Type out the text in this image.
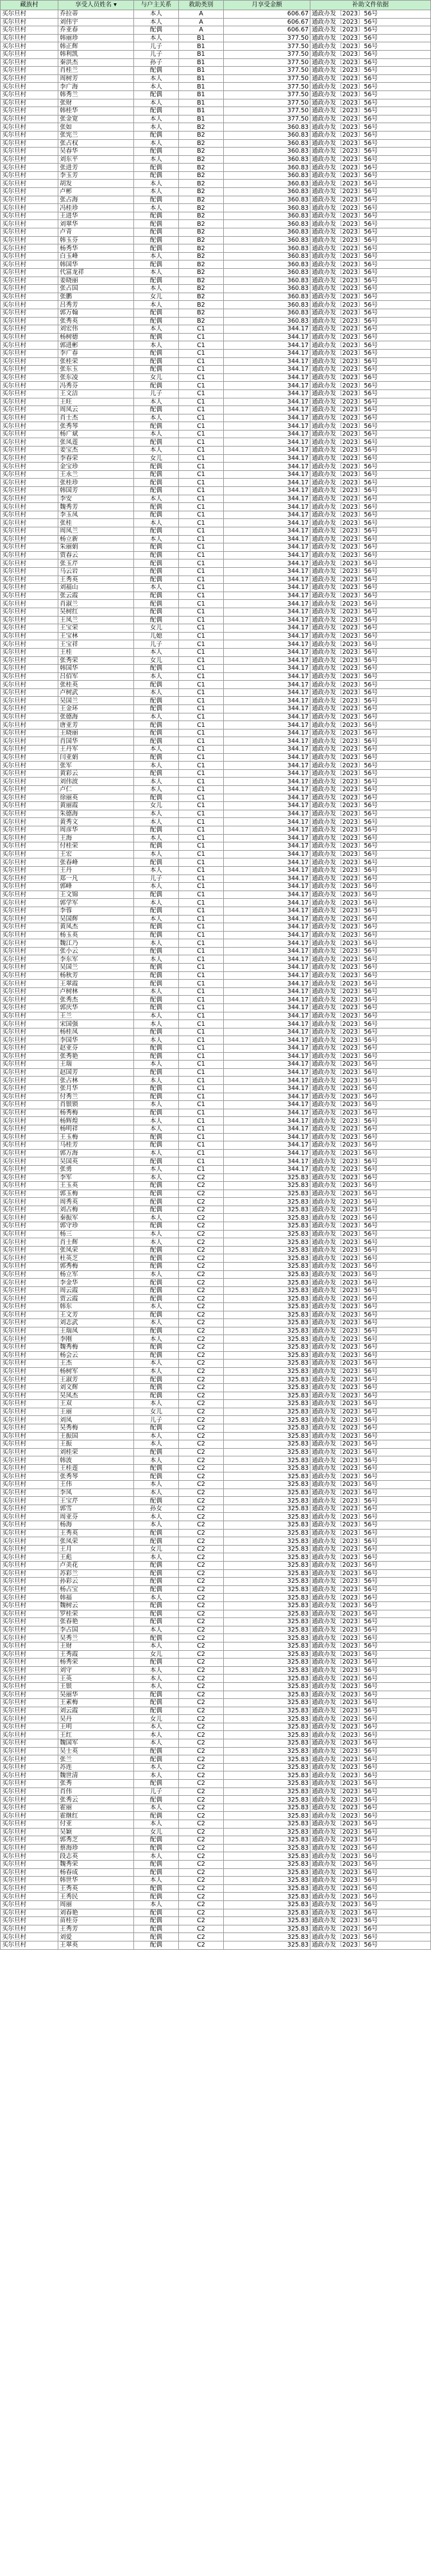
藏族村	享受人员姓名 ▾	与户主关系	救助类别	月享受金额	补助文件依据
买尔旦村	乔拉蒂	本人	A	606.67	通政办发〔2023〕56号
买尔旦村	刘伟宇	本人	A	606.67	通政办发〔2023〕56号
买尔旦村	乔亚春	配偶	A	606.67	通政办发〔2023〕56号
买尔旦村	韩丽珍	本人	B1	377.50	通政办发〔2023〕56号
买尔旦村	韩正辉	儿子	B1	377.50	通政办发〔2023〕56号
买尔旦村	韩利凯	儿子	B1	377.50	通政办发〔2023〕56号
买尔旦村	秦洪杰	孙子	B1	377.50	通政办发〔2023〕56号
买尔旦村	肖桂兰	配偶	B1	377.50	通政办发〔2023〕56号
买尔旦村	周树芳	本人	B1	377.50	通政办发〔2023〕56号
买尔旦村	李广海	本人	B1	377.50	通政办发〔2023〕56号
买尔旦村	韩秀兰	配偶	B1	377.50	通政办发〔2023〕56号
买尔旦村	张财	本人	B1	377.50	通政办发〔2023〕56号
买尔旦村	韩桂华	配偶	B1	377.50	通政办发〔2023〕56号
买尔旦村	张金宽	本人	B1	377.50	通政办发〔2023〕56号
买尔旦村	张如	本人	B2	360.83	通政办发〔2023〕56号
买尔旦村	张宪兰	配偶	B2	360.83	通政办发〔2023〕56号
买尔旦村	张占权	本人	B2	360.83	通政办发〔2023〕56号
买尔旦村	吴春华	配偶	B2	360.83	通政办发〔2023〕56号
买尔旦村	刘东平	本人	B2	360.83	通政办发〔2023〕56号
买尔旦村	张进芳	配偶	B2	360.83	通政办发〔2023〕56号
买尔旦村	李玉芳	配偶	B2	360.83	通政办发〔2023〕56号
买尔旦村	胡发	本人	B2	360.83	通政办发〔2023〕56号
买尔旦村	卢彬	本人	B2	360.83	通政办发〔2023〕56号
买尔旦村	张占海	配偶	B2	360.83	通政办发〔2023〕56号
买尔旦村	冯桂珍	本人	B2	360.83	通政办发〔2023〕56号
买尔旦村	王进华	配偶	B2	360.83	通政办发〔2023〕56号
买尔旦村	刘翠华	配偶	B2	360.83	通政办发〔2023〕56号
买尔旦村	卢青	配偶	B2	360.83	通政办发〔2023〕56号
买尔旦村	韩玉芬	配偶	B2	360.83	通政办发〔2023〕56号
买尔旦村	杨秀华	配偶	B2	360.83	通政办发〔2023〕56号
买尔旦村	白玉峰	本人	B2	360.83	通政办发〔2023〕56号
买尔旦村	韩国华	配偶	B2	360.83	通政办发〔2023〕56号
买尔旦村	代富龙祥	本人	B2	360.83	通政办发〔2023〕56号
买尔旦村	姜晓丽	配偶	B2	360.83	通政办发〔2023〕56号
买尔旦村	张占国	本人	B2	360.83	通政办发〔2023〕56号
买尔旦村	张鹏	女儿	B2	360.83	通政办发〔2023〕56号
买尔旦村	吕秀芳	本人	B2	360.83	通政办发〔2023〕56号
买尔旦村	郭万翰	配偶	B2	360.83	通政办发〔2023〕56号
买尔旦村	张秀英	配偶	B2	360.83	通政办发〔2023〕56号
买尔旦村	刘宏伟	本人	C1	344.17	通政办发〔2023〕56号
买尔旦村	杨树德	配偶	C1	344.17	通政办发〔2023〕56号
买尔旦村	郭进彬	本人	C1	344.17	通政办发〔2023〕56号
买尔旦村	李广春	配偶	C1	344.17	通政办发〔2023〕56号
买尔旦村	张桂荣	配偶	C1	344.17	通政办发〔2023〕56号
买尔旦村	张东玉	配偶	C1	344.17	通政办发〔2023〕56号
买尔旦村	张东凌	女儿	C1	344.17	通政办发〔2023〕56号
买尔旦村	冯秀芬	配偶	C1	344.17	通政办发〔2023〕56号
买尔旦村	王文洁	儿子	C1	344.17	通政办发〔2023〕56号
买尔旦村	王旺	本人	C1	344.17	通政办发〔2023〕56号
买尔旦村	周凤云	配偶	C1	344.17	通政办发〔2023〕56号
买尔旦村	肖士杰	本人	C1	344.17	通政办发〔2023〕56号
买尔旦村	张秀琴	配偶	C1	344.17	通政办发〔2023〕56号
买尔旦村	杨广斌	本人	C1	344.17	通政办发〔2023〕56号
买尔旦村	张凤莲	配偶	C1	344.17	通政办发〔2023〕56号
买尔旦村	姜宝杰	本人	C1	344.17	通政办发〔2023〕56号
买尔旦村	李春荣	女儿	C1	344.17	通政办发〔2023〕56号
买尔旦村	金宝珍	配偶	C1	344.17	通政办发〔2023〕56号
买尔旦村	王永兰	配偶	C1	344.17	通政办发〔2023〕56号
买尔旦村	张桂珍	配偶	C1	344.17	通政办发〔2023〕56号
买尔旦村	韩国芳	配偶	C1	344.17	通政办发〔2023〕56号
买尔旦村	李安	本人	C1	344.17	通政办发〔2023〕56号
买尔旦村	魏秀芳	配偶	C1	344.17	通政办发〔2023〕56号
买尔旦村	李玉凤	配偶	C1	344.17	通政办发〔2023〕56号
买尔旦村	张桂	本人	C1	344.17	通政办发〔2023〕56号
买尔旦村	周凤兰	配偶	C1	344.17	通政办发〔2023〕56号
买尔旦村	杨立新	本人	C1	344.17	通政办发〔2023〕56号
买尔旦村	朱丽娟	配偶	C1	344.17	通政办发〔2023〕56号
买尔旦村	贾春云	配偶	C1	344.17	通政办发〔2023〕56号
买尔旦村	张玉芹	配偶	C1	344.17	通政办发〔2023〕56号
买尔旦村	马云岩	配偶	C1	344.17	通政办发〔2023〕56号
买尔旦村	王秀英	配偶	C1	344.17	通政办发〔2023〕56号
买尔旦村	刘福山	本人	C1	344.17	通政办发〔2023〕56号
买尔旦村	张云霞	配偶	C1	344.17	通政办发〔2023〕56号
买尔旦村	肖淑兰	配偶	C1	344.17	通政办发〔2023〕56号
买尔旦村	吴树红	配偶	C1	344.17	通政办发〔2023〕56号
买尔旦村	王凤兰	配偶	C1	344.17	通政办发〔2023〕56号
买尔旦村	王宝荣	女儿	C1	344.17	通政办发〔2023〕56号
买尔旦村	王宝林	儿媳	C1	344.17	通政办发〔2023〕56号
买尔旦村	王宝祥	儿子	C1	344.17	通政办发〔2023〕56号
买尔旦村	王桂	本人	C1	344.17	通政办发〔2023〕56号
买尔旦村	张秀荣	女儿	C1	344.17	通政办发〔2023〕56号
买尔旦村	韩国华	配偶	C1	344.17	通政办发〔2023〕56号
买尔旦村	吕佰军	本人	C1	344.17	通政办发〔2023〕56号
买尔旦村	张桂英	配偶	C1	344.17	通政办发〔2023〕56号
买尔旦村	卢树武	本人	C1	344.17	通政办发〔2023〕56号
买尔旦村	吴国兰	配偶	C1	344.17	通政办发〔2023〕56号
买尔旦村	王金环	配偶	C1	344.17	通政办发〔2023〕56号
买尔旦村	张德海	本人	C1	344.17	通政办发〔2023〕56号
买尔旦村	唐亚芳	配偶	C1	344.17	通政办发〔2023〕56号
买尔旦村	王晓丽	配偶	C1	344.17	通政办发〔2023〕56号
买尔旦村	肖国华	配偶	C1	344.17	通政办发〔2023〕56号
买尔旦村	王丹军	本人	C1	344.17	通政办发〔2023〕56号
买尔旦村	闫亚娟	配偶	C1	344.17	通政办发〔2023〕56号
买尔旦村	张军	本人	C1	344.17	通政办发〔2023〕56号
买尔旦村	黄彩云	配偶	C1	344.17	通政办发〔2023〕56号
买尔旦村	刘伟波	本人	C1	344.17	通政办发〔2023〕56号
买尔旦村	卢仁	本人	C1	344.17	通政办发〔2023〕56号
买尔旦村	徐丽英	配偶	C1	344.17	通政办发〔2023〕56号
买尔旦村	黄丽霞	女儿	C1	344.17	通政办发〔2023〕56号
买尔旦村	朱德海	本人	C1	344.17	通政办发〔2023〕56号
买尔旦村	黄秀文	本人	C1	344.17	通政办发〔2023〕56号
买尔旦村	周彦华	配偶	C1	344.17	通政办发〔2023〕56号
买尔旦村	王海	本人	C1	344.17	通政办发〔2023〕56号
买尔旦村	付桂荣	配偶	C1	344.17	通政办发〔2023〕56号
买尔旦村	王宏	本人	C1	344.17	通政办发〔2023〕56号
买尔旦村	张春峰	配偶	C1	344.17	通政办发〔2023〕56号
买尔旦村	王丹	本人	C1	344.17	通政办发〔2023〕56号
买尔旦村	郑一凡	儿子	C1	344.17	通政办发〔2023〕56号
买尔旦村	郭峰	本人	C1	344.17	通政办发〔2023〕56号
买尔旦村	王文锦	配偶	C1	344.17	通政办发〔2023〕56号
买尔旦村	郭学军	本人	C1	344.17	通政办发〔2023〕56号
买尔旦村	李蓉	配偶	C1	344.17	通政办发〔2023〕56号
买尔旦村	吴国辉	本人	C1	344.17	通政办发〔2023〕56号
买尔旦村	黄凤杰	配偶	C1	344.17	通政办发〔2023〕56号
买尔旦村	杨玉英	配偶	C1	344.17	通政办发〔2023〕56号
买尔旦村	魏江乃	本人	C1	344.17	通政办发〔2023〕56号
买尔旦村	张小云	配偶	C1	344.17	通政办发〔2023〕56号
买尔旦村	李东军	本人	C1	344.17	通政办发〔2023〕56号
买尔旦村	吴国兰	配偶	C1	344.17	通政办发〔2023〕56号
买尔旦村	杨秋芳	配偶	C1	344.17	通政办发〔2023〕56号
买尔旦村	王翠霞	配偶	C1	344.17	通政办发〔2023〕56号
买尔旦村	卢树林	本人	C1	344.17	通政办发〔2023〕56号
买尔旦村	张秀杰	配偶	C1	344.17	通政办发〔2023〕56号
买尔旦村	郭庆华	配偶	C1	344.17	通政办发〔2023〕56号
买尔旦村	王兰	本人	C1	344.17	通政办发〔2023〕56号
买尔旦村	宋国强	本人	C1	344.17	通政办发〔2023〕56号
买尔旦村	杨桂凤	配偶	C1	344.17	通政办发〔2023〕56号
买尔旦村	李国华	本人	C1	344.17	通政办发〔2023〕56号
买尔旦村	赵亚芬	配偶	C1	344.17	通政办发〔2023〕56号
买尔旦村	张秀艳	配偶	C1	344.17	通政办发〔2023〕56号
买尔旦村	王瑞	本人	C1	344.17	通政办发〔2023〕56号
买尔旦村	赵国芳	配偶	C1	344.17	通政办发〔2023〕56号
买尔旦村	张占林	本人	C1	344.17	通政办发〔2023〕56号
买尔旦村	张月华	配偶	C1	344.17	通政办发〔2023〕56号
买尔旦村	付秀兰	配偶	C1	344.17	通政办发〔2023〕56号
买尔旦村	肖银锁	本人	C1	344.17	通政办发〔2023〕56号
买尔旦村	杨秀梅	配偶	C1	344.17	通政办发〔2023〕56号
买尔旦村	杨辉煌	本人	C1	344.17	通政办发〔2023〕56号
买尔旦村	杨明祥	本人	C1	344.17	通政办发〔2023〕56号
买尔旦村	王玉梅	配偶	C1	344.17	通政办发〔2023〕56号
买尔旦村	马桂芳	配偶	C1	344.17	通政办发〔2023〕56号
买尔旦村	郭万海	本人	C1	344.17	通政办发〔2023〕56号
买尔旦村	吴国英	配偶	C1	344.17	通政办发〔2023〕56号
买尔旦村	张勇	本人	C1	344.17	通政办发〔2023〕56号
买尔旦村	李军	本人	C2	325.83	通政办发〔2023〕56号
买尔旦村	王玉英	配偶	C2	325.83	通政办发〔2023〕56号
买尔旦村	郭玉梅	配偶	C2	325.83	通政办发〔2023〕56号
买尔旦村	周秀英	配偶	C2	325.83	通政办发〔2023〕56号
买尔旦村	刘占梅	配偶	C2	325.83	通政办发〔2023〕56号
买尔旦村	秦振军	本人	C2	325.83	通政办发〔2023〕56号
买尔旦村	郭守珍	配偶	C2	325.83	通政办发〔2023〕56号
买尔旦村	杨三	本人	C2	325.83	通政办发〔2023〕56号
买尔旦村	肖士辉	本人	C2	325.83	通政办发〔2023〕56号
买尔旦村	张凤荣	配偶	C2	325.83	通政办发〔2023〕56号
买尔旦村	杜英芝	配偶	C2	325.83	通政办发〔2023〕56号
买尔旦村	郭秀梅	配偶	C2	325.83	通政办发〔2023〕56号
买尔旦村	杨立军	本人	C2	325.83	通政办发〔2023〕56号
买尔旦村	李金华	配偶	C2	325.83	通政办发〔2023〕56号
买尔旦村	周云霞	配偶	C2	325.83	通政办发〔2023〕56号
买尔旦村	贾云霞	配偶	C2	325.83	通政办发〔2023〕56号
买尔旦村	韩东	本人	C2	325.83	通政办发〔2023〕56号
买尔旦村	王文芳	配偶	C2	325.83	通政办发〔2023〕56号
买尔旦村	刘志武	本人	C2	325.83	通政办发〔2023〕56号
买尔旦村	王瑞凤	配偶	C2	325.83	通政办发〔2023〕56号
买尔旦村	李刚	本人	C2	325.83	通政办发〔2023〕56号
买尔旦村	魏秀梅	配偶	C2	325.83	通政办发〔2023〕56号
买尔旦村	杨会云	配偶	C2	325.83	通政办发〔2023〕56号
买尔旦村	王杰	本人	C2	325.83	通政办发〔2023〕56号
买尔旦村	杨树军	本人	C2	325.83	通政办发〔2023〕56号
买尔旦村	王淑芳	配偶	C2	325.83	通政办发〔2023〕56号
买尔旦村	刘文辉	配偶	C2	325.83	通政办发〔2023〕56号
买尔旦村	吴凤杰	配偶	C2	325.83	通政办发〔2023〕56号
买尔旦村	王双	本人	C2	325.83	通政办发〔2023〕56号
买尔旦村	王丽	女儿	C2	325.83	通政办发〔2023〕56号
买尔旦村	刘凤	儿子	C2	325.83	通政办发〔2023〕56号
买尔旦村	吴秀梅	配偶	C2	325.83	通政办发〔2023〕56号
买尔旦村	王振国	本人	C2	325.83	通政办发〔2023〕56号
买尔旦村	王振	本人	C2	325.83	通政办发〔2023〕56号
买尔旦村	刘桂荣	配偶	C2	325.83	通政办发〔2023〕56号
买尔旦村	韩波	本人	C2	325.83	通政办发〔2023〕56号
买尔旦村	王桂莲	配偶	C2	325.83	通政办发〔2023〕56号
买尔旦村	张秀琴	配偶	C2	325.83	通政办发〔2023〕56号
买尔旦村	王伟	本人	C2	325.83	通政办发〔2023〕56号
买尔旦村	李凤	本人	C2	325.83	通政办发〔2023〕56号
买尔旦村	王宝芹	配偶	C2	325.83	通政办发〔2023〕56号
买尔旦村	郭雪	孙女	C2	325.83	通政办发〔2023〕56号
买尔旦村	周亚芬	本人	C2	325.83	通政办发〔2023〕56号
买尔旦村	杨海	本人	C2	325.83	通政办发〔2023〕56号
买尔旦村	王秀英	配偶	C2	325.83	通政办发〔2023〕56号
买尔旦村	张凤荣	配偶	C2	325.83	通政办发〔2023〕56号
买尔旦村	王月	女儿	C2	325.83	通政办发〔2023〕56号
买尔旦村	王彪	本人	C2	325.83	通政办发〔2023〕56号
买尔旦村	卢美花	配偶	C2	325.83	通政办发〔2023〕56号
买尔旦村	苏彩兰	配偶	C2	325.83	通政办发〔2023〕56号
买尔旦村	孙彩云	配偶	C2	325.83	通政办发〔2023〕56号
买尔旦村	杨占宝	配偶	C2	325.83	通政办发〔2023〕56号
买尔旦村	韩福	本人	C2	325.83	通政办发〔2023〕56号
买尔旦村	魏树云	配偶	C2	325.83	通政办发〔2023〕56号
买尔旦村	罗桂荣	配偶	C2	325.83	通政办发〔2023〕56号
买尔旦村	张春艳	配偶	C2	325.83	通政办发〔2023〕56号
买尔旦村	李占国	本人	C2	325.83	通政办发〔2023〕56号
买尔旦村	吴秀兰	配偶	C2	325.83	通政办发〔2023〕56号
买尔旦村	王财	本人	C2	325.83	通政办发〔2023〕56号
买尔旦村	王秀霞	女儿	C2	325.83	通政办发〔2023〕56号
买尔旦村	杨秀荣	配偶	C2	325.83	通政办发〔2023〕56号
买尔旦村	刘守	本人	C2	325.83	通政办发〔2023〕56号
买尔旦村	王英	本人	C2	325.83	通政办发〔2023〕56号
买尔旦村	王银	本人	C2	325.83	通政办发〔2023〕56号
买尔旦村	吴丽华	配偶	C2	325.83	通政办发〔2023〕56号
买尔旦村	王素梅	配偶	C2	325.83	通政办发〔2023〕56号
买尔旦村	刘云霞	配偶	C2	325.83	通政办发〔2023〕56号
买尔旦村	吴丹	女儿	C2	325.83	通政办发〔2023〕56号
买尔旦村	王明	本人	C2	325.83	通政办发〔2023〕56号
买尔旦村	王红	本人	C2	325.83	通政办发〔2023〕56号
买尔旦村	魏国军	本人	C2	325.83	通政办发〔2023〕56号
买尔旦村	吴士英	配偶	C2	325.83	通政办发〔2023〕56号
买尔旦村	张兰	配偶	C2	325.83	通政办发〔2023〕56号
买尔旦村	苏连	本人	C2	325.83	通政办发〔2023〕56号
买尔旦村	魏世清	本人	C2	325.83	通政办发〔2023〕56号
买尔旦村	张秀	配偶	C2	325.83	通政办发〔2023〕56号
买尔旦村	肖伟	儿子	C2	325.83	通政办发〔2023〕56号
买尔旦村	张秀云	配偶	C2	325.83	通政办发〔2023〕56号
买尔旦村	霍丽	本人	C2	325.83	通政办发〔2023〕56号
买尔旦村	霍继红	配偶	C2	325.83	通政办发〔2023〕56号
买尔旦村	付亚	本人	C2	325.83	通政办发〔2023〕56号
买尔旦村	吴颖	女儿	C2	325.83	通政办发〔2023〕56号
买尔旦村	郭秀芝	配偶	C2	325.83	通政办发〔2023〕56号
买尔旦村	蔡海珍	配偶	C2	325.83	通政办发〔2023〕56号
买尔旦村	段志英	本人	C2	325.83	通政办发〔2023〕56号
买尔旦村	魏秀荣	配偶	C2	325.83	通政办发〔2023〕56号
买尔旦村	杨春成	配偶	C2	325.83	通政办发〔2023〕56号
买尔旦村	韩世华	本人	C2	325.83	通政办发〔2023〕56号
买尔旦村	王秀英	配偶	C2	325.83	通政办发〔2023〕56号
买尔旦村	王秀民	配偶	C2	325.83	通政办发〔2023〕56号
买尔旦村	周丽	本人	C2	325.83	通政办发〔2023〕56号
买尔旦村	刘春艳	配偶	C2	325.83	通政办发〔2023〕56号
买尔旦村	苗桂芬	配偶	C2	325.83	通政办发〔2023〕56号
买尔旦村	王秀芳	配偶	C2	325.83	通政办发〔2023〕56号
买尔旦村	刘爱	配偶	C2	325.83	通政办发〔2023〕56号
买尔旦村	王翠英	配偶	C2	325.83	通政办发〔2023〕56号
